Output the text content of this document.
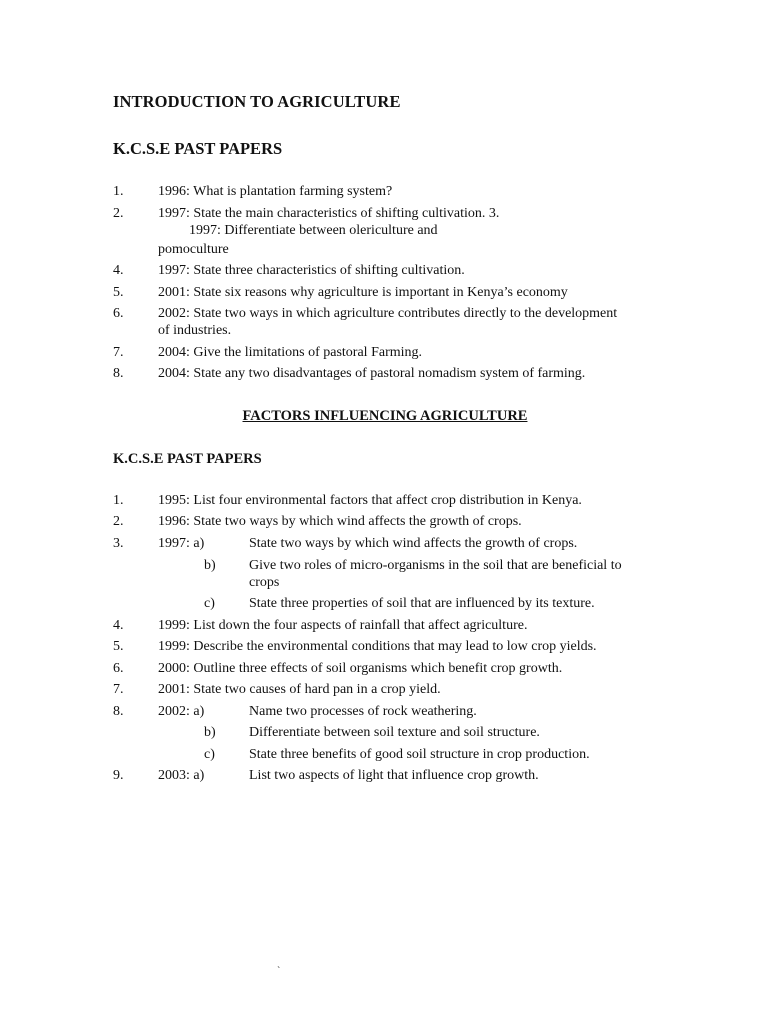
INTRODUCTION TO AGRICULTURE
K.C.S.E PAST PAPERS
1. 1996: What is plantation farming system?
2. 1997: State the main characteristics of shifting cultivation. 3.
1997: Differentiate between olericulture and
pomoculture
4. 1997: State three characteristics of shifting cultivation.
5. 2001: State six reasons why agriculture is important in Kenya’s economy
6. 2002: State two ways in which agriculture contributes directly to the development
of industries.
7. 2004: Give the limitations of pastoral Farming.
8. 2004: State any two disadvantages of pastoral nomadism system of farming.
FACTORS INFLUENCING AGRICULTURE
K.C.S.E PAST PAPERS
1. 1995: List four environmental factors that affect crop distribution in Kenya.
2. 1996: State two ways by which wind affects the growth of crops.
3. 1997: a)	State two ways by which wind affects the growth of crops.
b) Give two roles of micro-organisms in the soil that are beneficial to
crops
c) State three properties of soil that are influenced by its texture.
4. 1999: List down the four aspects of rainfall that affect agriculture.
5. 1999: Describe the environmental conditions that may lead to low crop yields.
6. 2000: Outline three effects of soil organisms which benefit crop growth.
7. 2001: State two causes of hard pan in a crop yield.
8. 2002: a)	Name two processes of rock weathering.
b) Differentiate between soil texture and soil structure.
c) State three benefits of good soil structure in crop production.
9. 2003: a)	List two aspects of light that influence crop growth.
`
